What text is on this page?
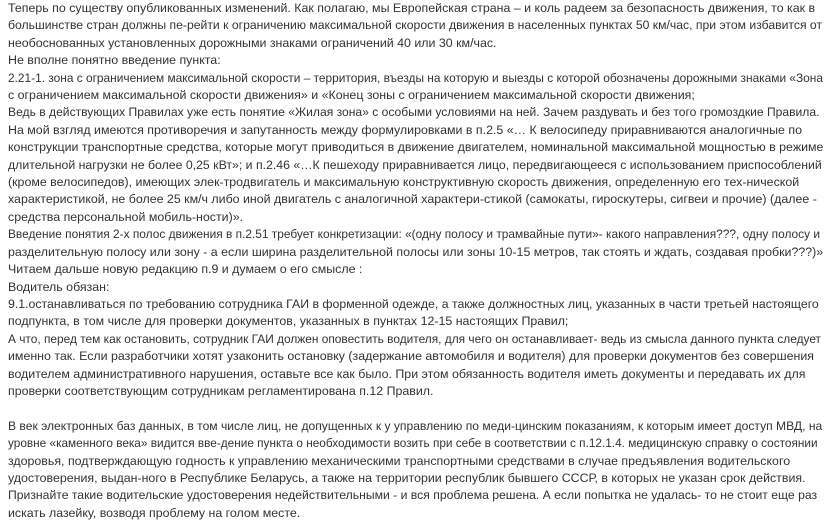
Теперь по существу опубликованных изменений. Как полагаю, мы Европейская страна – и коль радеем за безопасность движения, то как в

большинстве стран должны пе-рейти к ограничению максимальной скорости движения в населенных пунктах 50 км/час, при этом избавится от

необоснованных установленных дорожными знаками ограничений 40 или 30 км/час.

Не вполне понятно введение пункта:

2.21-1. зона с ограничением максимальной скорости – территория, въезды на которую и выезды с которой обозначены дорожными знаками «Зона

с ограничением максимальной скорости движения» и «Конец зоны с ограничением максимальной скорости движения;

Ведь в действующих Правилах уже есть понятие «Жилая зона» с особыми условиями на ней. Зачем раздувать и без того громоздкие Правила.

На мой взгляд имеются противоречия и запутанность между формулировками в п.2.5 «… К велосипеду приравниваются аналогичные по

конструкции транспортные средства, которые могут приводиться в движение двигателем, номинальной максимальной мощностью в режиме

длительной нагрузки не более 0,25 кВт»; и п.2.46 «…К пешеходу приравнивается лицо, передвигающееся с использованием приспособлений

(кроме велосипедов), имеющих элек-тродвигатель и максимальную конструктивную скорость движения, определенную его тех-нической

характеристикой, не более 25 км/ч либо иной двигатель с аналогичной характери-стикой (самокаты, гироскутеры, сигвеи и прочие) (далее -

средства персональной мобиль-ности)».

Введение понятия 2-х полос движения в п.2.51 требует конкретизации: «(одну полосу и трамвайные пути»- какого направления???, одну полосу и

разделительную полосу или зону - а если ширина разделительной полосы или зоны 10-15 метров, так стоять и ждать, создавая пробки???)»

Читаем дальше новую редакцию п.9 и думаем о его смысле :

Водитель обязан:

9.1.останавливаться по требованию сотрудника ГАИ в форменной одежде, а также должностных лиц, указанных в части третьей настоящего

подпункта, в том числе для проверки документов, указанных в пунктах 12-15 настоящих Правил;

А что, перед тем как остановить, сотрудник ГАИ должен оповестить водителя, для чего он останавливает- ведь из смысла данного пункта следует

именно так. Если разработчики хотят узаконить остановку (задержание автомобиля и водителя) для проверки документов без совершения

водителем административного нарушения, оставьте все как было. При этом обязанность водителя иметь документы и передавать их для

проверки соответствующим сотрудникам регламентирована п.12 Правил.

В век электронных баз данных, в том числе лиц, не допущенных к у управлению по меди-цинским показаниям, к которым имеет доступ МВД, на

уровне «каменного века» видится вве-дение пункта о необходимости возить при себе в соответствии с п.12.1.4. медицинскую справку о состоянии

здоровья, подтверждающую годность к управлению механическими транспортными средствами в случае предъявления водительского

удостоверения, выдан-ного в Республике Беларусь, а также на территории республик бывшего СССР, в которых не указан срок действия.

Признайте такие водительские удостоверения недействительными - и вся проблема решена. А если попытка не удалась- то не стоит еще раз

искать лазейку, возводя проблему на голом месте.
